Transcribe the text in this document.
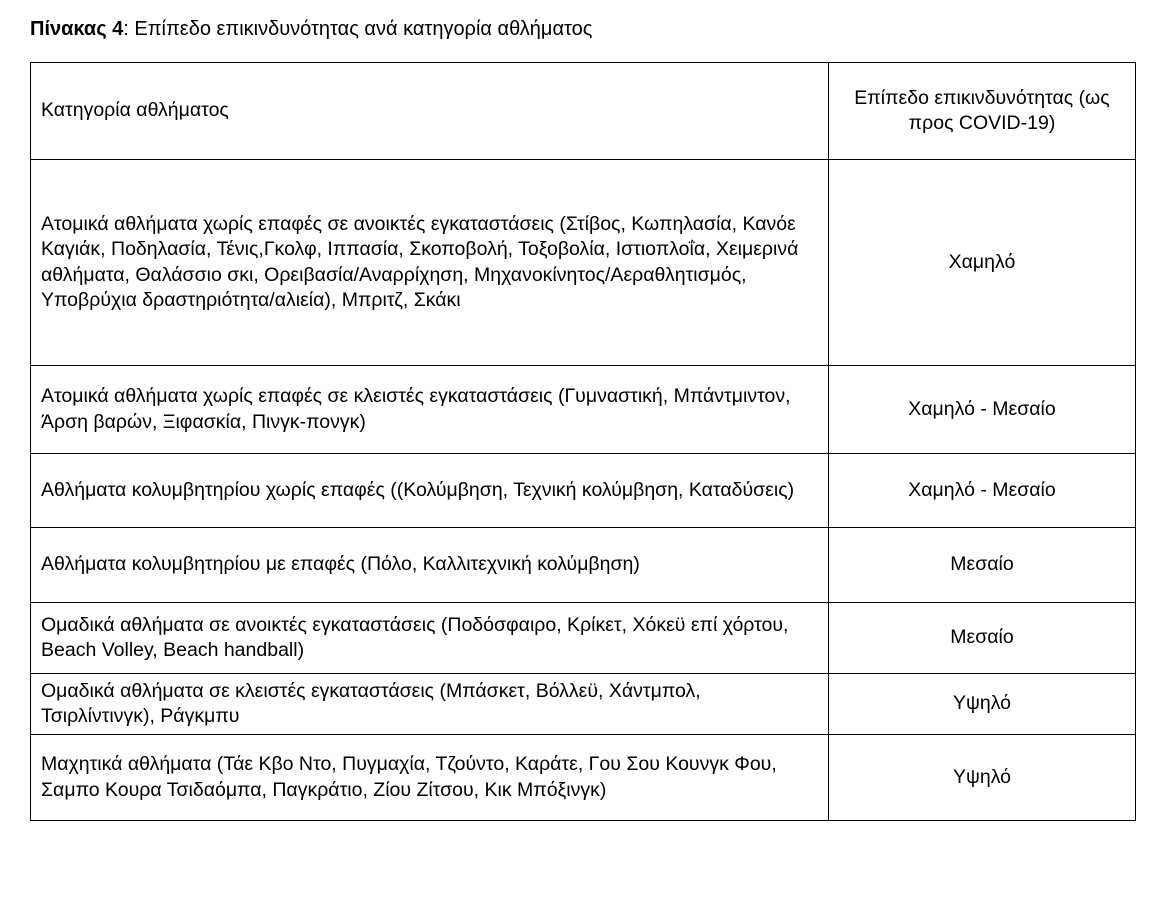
Πίνακας 4: Επίπεδο επικινδυνότητας ανά κατηγορία αθλήματος
Κατηγορία αθλήματος	Επίπεδο επικινδυνότητας (ως προς COVID-19)
Ατομικά αθλήματα χωρίς επαφές σε ανοικτές εγκαταστάσεις (Στίβος, Κωπηλασία, Κανόε Καγιάκ, Ποδηλασία, Τένις,Γκολφ, Ιππασία, Σκοποβολή, Τοξοβολία, Ιστιοπλοΐα, Χειμερινά αθλήματα, Θαλάσσιο σκι, Ορειβασία/Αναρρίχηση, Μηχανοκίνητος/Αεραθλητισμός, Υποβρύχια δραστηριότητα/αλιεία), Μπριτζ, Σκάκι	Χαμηλό
Ατομικά αθλήματα χωρίς επαφές σε κλειστές εγκαταστάσεις (Γυμναστική, Μπάντμιντον, Άρση βαρών, Ξιφασκία, Πινγκ-πονγκ)	Χαμηλό - Μεσαίο
Αθλήματα κολυμβητηρίου χωρίς επαφές ((Κολύμβηση, Τεχνική κολύμβηση, Καταδύσεις)	Χαμηλό - Μεσαίο
Αθλήματα κολυμβητηρίου με επαφές (Πόλο, Καλλιτεχνική κολύμβηση)	Μεσαίο
Ομαδικά αθλήματα σε ανοικτές εγκαταστάσεις (Ποδόσφαιρο, Κρίκετ, Χόκεϋ επί χόρτου, Beach Volley, Beach handball)	Μεσαίο
Ομαδικά αθλήματα σε κλειστές εγκαταστάσεις (Μπάσκετ, Βόλλεϋ, Χάντμπολ, Τσιρλίντινγκ), Ράγκμπυ	Υψηλό
Μαχητικά αθλήματα (Τάε Κβο Ντο, Πυγμαχία, Τζούντο, Καράτε, Γου Σου Κουνγκ Φου, Σαμπο Κουρα Τσιδαόμπα, Παγκράτιο, Ζίου Ζίτσου, Κικ Μπόξινγκ)	Υψηλό
